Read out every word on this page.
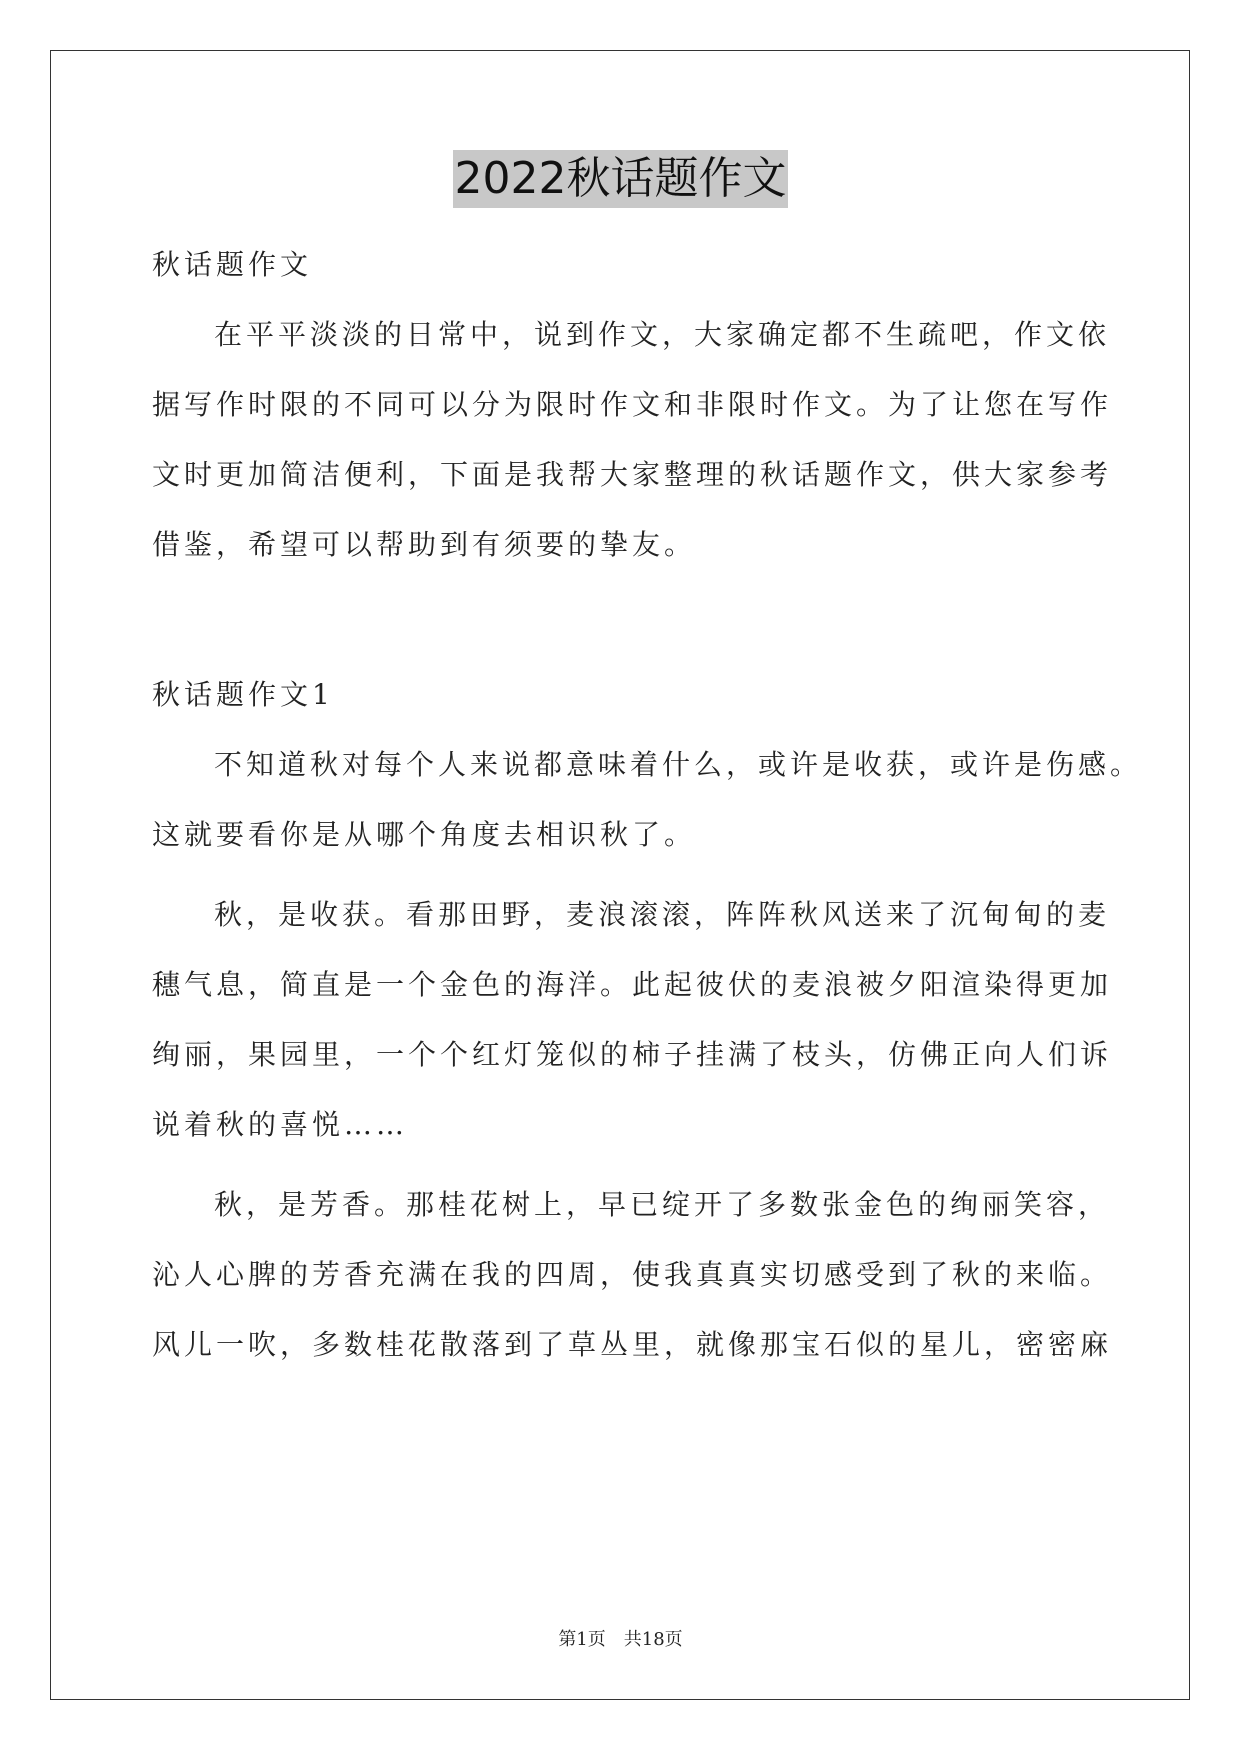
2022秋话题作文

秋话题作文

在平平淡淡的日常中，说到作文，大家确定都不生疏吧，作文依

据写作时限的不同可以分为限时作文和非限时作文。为了让您在写作

文时更加简洁便利，下面是我帮大家整理的秋话题作文，供大家参考

借鉴，希望可以帮助到有须要的挚友。

秋话题作文1

不知道秋对每个人来说都意味着什么，或许是收获，或许是伤感。

这就要看你是从哪个角度去相识秋了。

秋，是收获。看那田野，麦浪滚滚，阵阵秋风送来了沉甸甸的麦

穗气息，简直是一个金色的海洋。此起彼伏的麦浪被夕阳渲染得更加

绚丽，果园里，一个个红灯笼似的柿子挂满了枝头，仿佛正向人们诉

说着秋的喜悦……

秋，是芳香。那桂花树上，早已绽开了多数张金色的绚丽笑容，

沁人心脾的芳香充满在我的四周，使我真真实切感受到了秋的来临。

风儿一吹，多数桂花散落到了草丛里，就像那宝石似的星儿，密密麻

第1页　共18页
